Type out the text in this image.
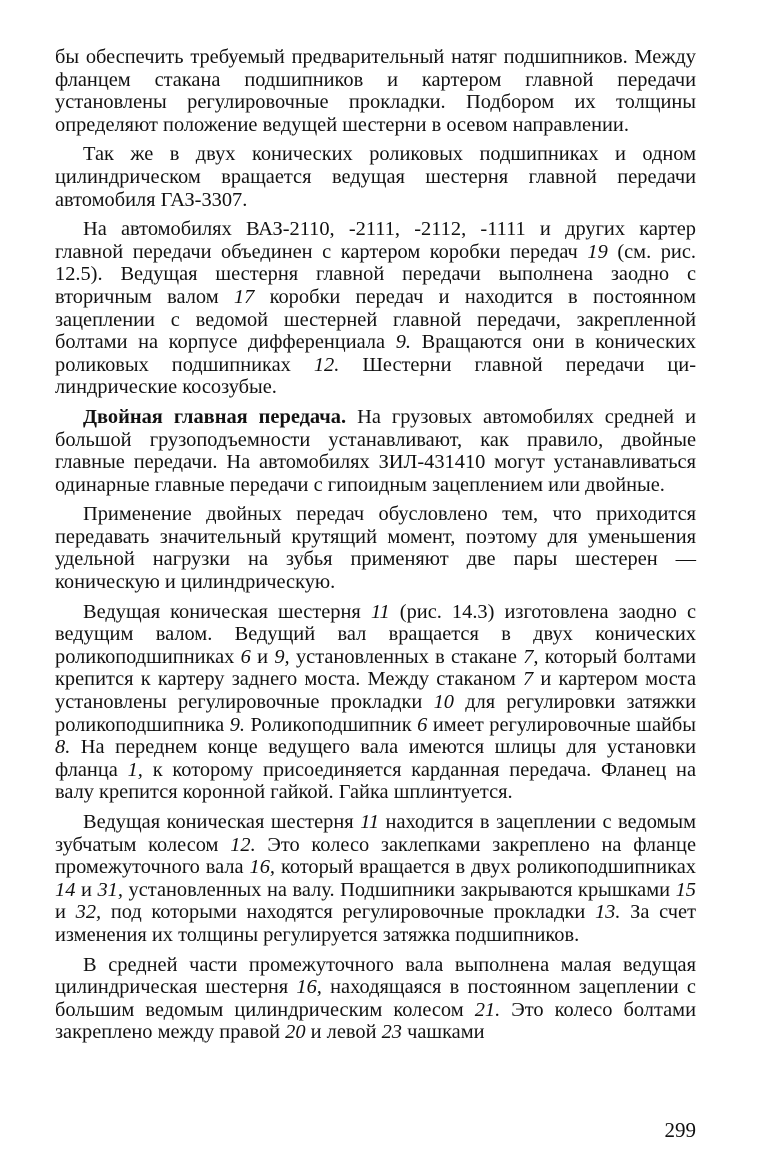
бы обеспечить требуемый предварительный натяг подшипников. Между фланцем стакана подшипников и картером главной передачи установлены регулировочные прокладки. Подбором их толщины определяют положение ведущей шестерни в осевом направлении.

Так же в двух конических роликовых подшипниках и одном цилиндрическом вращается ведущая шестерня главной передачи автомобиля ГАЗ-3307.

На автомобилях ВАЗ-2110, -2111, -2112, -1111 и других картер главной передачи объединен с картером коробки передач 19 (см. рис. 12.5). Ведущая шестерня главной передачи выполнена заодно с вторичным валом 17 коробки передач и находится в постоянном зацеплении с ведомой шестерней главной передачи, закрепленной болтами на корпусе дифференциала 9. Вращаются они в конических роликовых подшипниках 12. Шестерни главной передачи цилиндрические косозубые.

Двойная главная передача. На грузовых автомобилях средней и большой грузоподъемности устанавливают, как правило, двойные главные передачи. На автомобилях ЗИЛ-431410 могут устанавливаться одинарные главные передачи с гипоидным зацеплением или двойные.

Применение двойных передач обусловлено тем, что приходится передавать значительный крутящий момент, поэтому для уменьшения удельной нагрузки на зубья применяют две пары шестерен — коническую и цилиндрическую.

Ведущая коническая шестерня 11 (рис. 14.3) изготовлена заодно с ведущим валом. Ведущий вал вращается в двух конических роликоподшипниках 6 и 9, установленных в стакане 7, который болтами крепится к картеру заднего моста. Между стаканом 7 и картером моста установлены регулировочные прокладки 10 для регулировки затяжки роликоподшипника 9. Роликоподшипник 6 имеет регулировочные шайбы 8. На переднем конце ведущего вала имеются шлицы для установки фланца 1, к которому присоединяется карданная передача. Фланец на валу крепится коронной гайкой. Гайка шплинтуется.

Ведущая коническая шестерня 11 находится в зацеплении с ведомым зубчатым колесом 12. Это колесо заклепками закреплено на фланце промежуточного вала 16, который вращается в двух роликоподшипниках 14 и 31, установленных на валу. Подшипники закрываются крышками 15 и 32, под которыми находятся регулировочные прокладки 13. За счет изменения их толщины регулируется затяжка подшипников.

В средней части промежуточного вала выполнена малая ведущая цилиндрическая шестерня 16, находящаяся в постоянном зацеплении с большим ведомым цилиндрическим колесом 21. Это колесо болтами закреплено между правой 20 и левой 23 чашками

299
